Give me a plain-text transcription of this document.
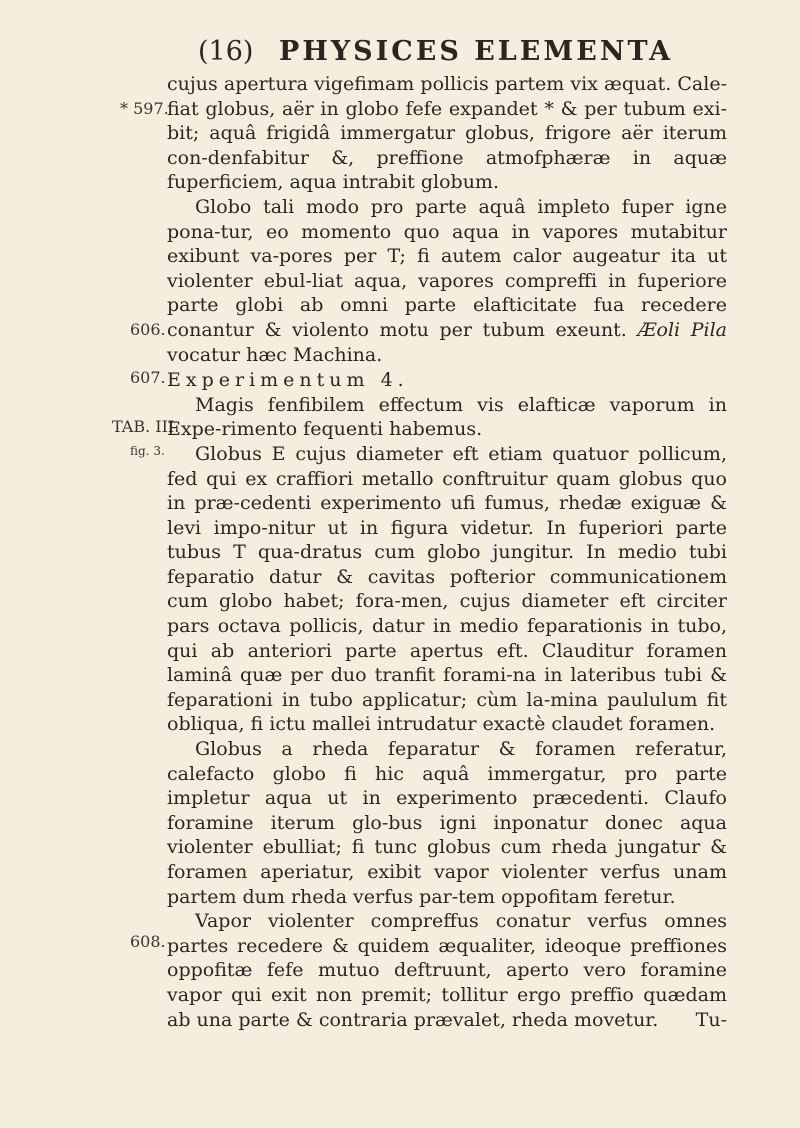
(16) PHYSICES ELEMENTA
* 597.
606.
607.
TAB. III.
fig. 3.
608.

cujus apertura vigefimam pollicis partem vix æquat. Cale-fiat globus, aër in globo fefe expandet * & per tubum exi-bit; aquâ frigidâ immergatur globus, frigore aër iterum con-denfabitur &, preffione atmofphæræ in aquæ fuperficiem, aqua intrabit globum.

Globo tali modo pro parte aquâ impleto fuper igne pona-tur, eo momento quo aqua in vapores mutabitur exibunt va-pores per T; fi autem calor augeatur ita ut violenter ebul-liat aqua, vapores compreffi in fuperiore parte globi ab omni parte elafticitate fua recedere conantur & violento motu per tubum exeunt. Æoli Pila vocatur hæc Machina.

Experimentum 4.

Magis fenfibilem effectum vis elafticæ vaporum in Expe-rimento fequenti habemus.

Globus E cujus diameter eft etiam quatuor pollicum, fed qui ex craffiori metallo conftruitur quam globus quo in præ-cedenti experimento ufi fumus, rhedæ exiguæ & levi impo-nitur ut in figura videtur. In fuperiori parte tubus T qua-dratus cum globo jungitur. In medio tubi feparatio datur & cavitas pofterior communicationem cum globo habet; fora-men, cujus diameter eft circiter pars octava pollicis, datur in medio feparationis in tubo, qui ab anteriori parte apertus eft. Clauditur foramen laminâ quæ per duo tranfit forami-na in lateribus tubi & feparationi in tubo applicatur; cùm la-mina paululum fit obliqua, fi ictu mallei intrudatur exactè claudet foramen.

Globus a rheda feparatur & foramen referatur, calefacto globo fi hic aquâ immergatur, pro parte impletur aqua ut in experimento præcedenti. Claufo foramine iterum glo-bus igni inponatur donec aqua violenter ebulliat; fi tunc globus cum rheda jungatur & foramen aperiatur, exibit vapor violenter verfus unam partem dum rheda verfus par-tem oppofitam feretur.

Vapor violenter compreffus conatur verfus omnes partes recedere & quidem æqualiter, ideoque preffiones oppofitæ fefe mutuo deftruunt, aperto vero foramine vapor qui exit non premit; tollitur ergo preffio quædam ab una parte & contraria prævalet, rheda movetur.	Tu-
